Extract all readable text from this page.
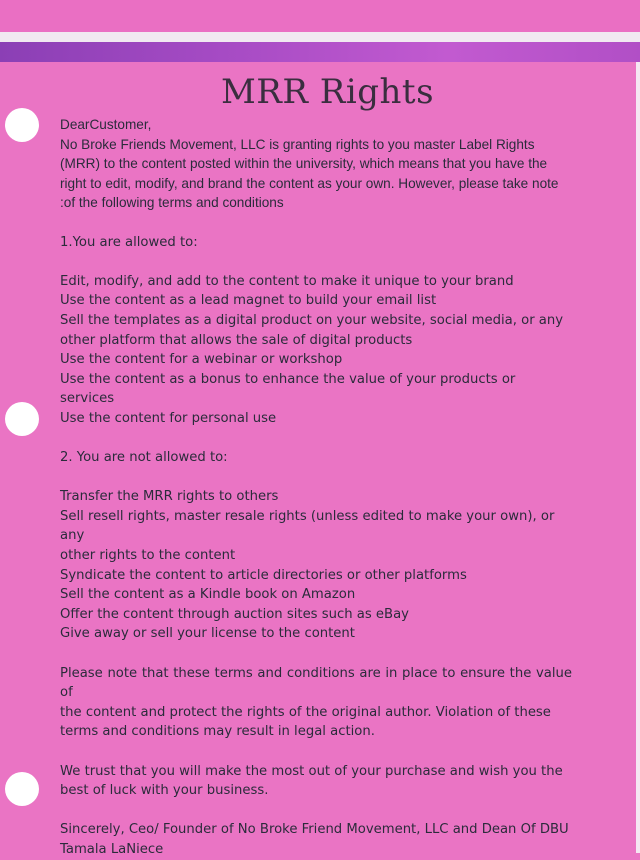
MRR Rights

DearCustomer,

No Broke Friends Movement, LLC is granting rights to you master Label Rights

(MRR) to the content posted within the university, which means that you have the

right to edit, modify, and brand the content as your own. However, please take note

:of the following terms and conditions

1.You are allowed to:

Edit, modify, and add to the content to make it unique to your brand

Use the content as a lead magnet to build your email list

Sell the templates as a digital product on your website, social media, or any

other platform that allows the sale of digital products

Use the content for a webinar or workshop

Use the content as a bonus to enhance the value of your products or

services

Use the content for personal use

2. You are not allowed to:

Transfer the MRR rights to others

Sell resell rights, master resale rights (unless edited to make your own), or any

other rights to the content

Syndicate the content to article directories or other platforms

Sell the content as a Kindle book on Amazon

Offer the content through auction sites such as eBay

Give away or sell your license to the content

Please note that these terms and conditions are in place to ensure the value of

the content and protect the rights of the original author. Violation of these

terms and conditions may result in legal action.

We trust that you will make the most out of your purchase and wish you the

best of luck with your business.

Sincerely, Ceo/ Founder of No Broke Friend Movement, LLC and Dean Of DBU

Tamala LaNiece
